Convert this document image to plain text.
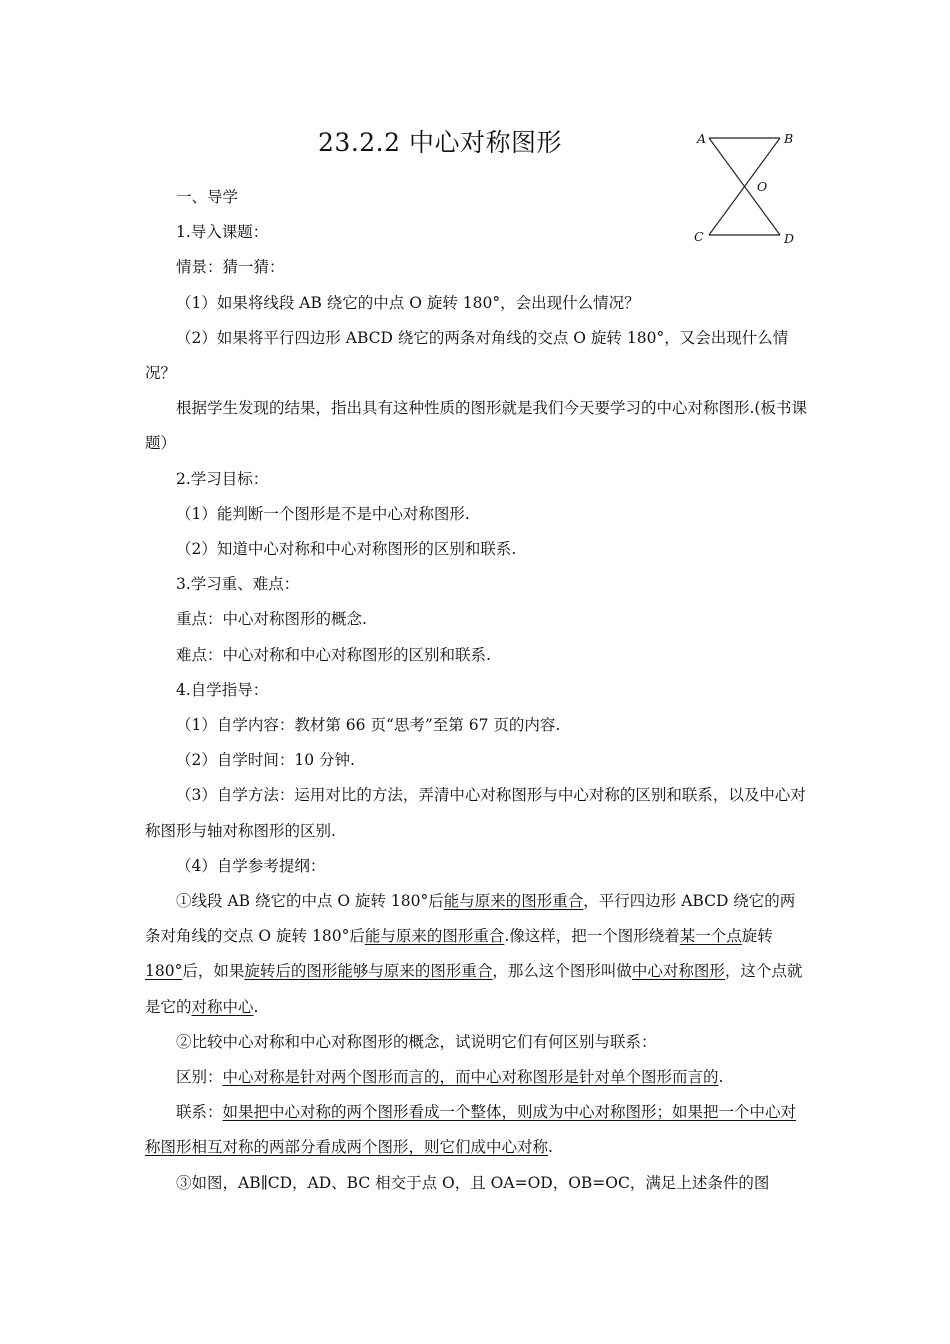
23.2.2 中心对称图形	A	B
O
C	D

一、导学

1.导入课题：

情景：猜一猜：

（1）如果将线段 AB 绕它的中点 O 旋转 180°，会出现什么情况？

（2）如果将平行四边形 ABCD 绕它的两条对角线的交点 O 旋转 180°，又会出现什么情况？

根据学生发现的结果，指出具有这种性质的图形就是我们今天要学习的中心对称图形.(板书课题）

2.学习目标：

（1）能判断一个图形是不是中心对称图形.

（2）知道中心对称和中心对称图形的区别和联系.

3.学习重、难点：

重点：中心对称图形的概念.

难点：中心对称和中心对称图形的区别和联系.

4.自学指导：

（1）自学内容：教材第 66 页“思考”至第 67 页的内容.

（2）自学时间：10 分钟.

（3）自学方法：运用对比的方法，弄清中心对称图形与中心对称的区别和联系，以及中心对称图形与轴对称图形的区别.

（4）自学参考提纲：

①线段 AB 绕它的中点 O 旋转 180°后能与原来的图形重合，平行四边形 ABCD 绕它的两条对角线的交点 O 旋转 180°后能与原来的图形重合.像这样，把一个图形绕着某一个点旋转 180°后，如果旋转后的图形能够与原来的图形重合，那么这个图形叫做中心对称图形，这个点就是它的对称中心.

②比较中心对称和中心对称图形的概念，试说明它们有何区别与联系：

区别：中心对称是针对两个图形而言的，而中心对称图形是针对单个图形而言的.

联系：如果把中心对称的两个图形看成一个整体，则成为中心对称图形；如果把一个中心对称图形相互对称的两部分看成两个图形，则它们成中心对称.

③如图，AB∥CD，AD、BC 相交于点 O，且 OA=OD，OB=OC，满足上述条件的图
